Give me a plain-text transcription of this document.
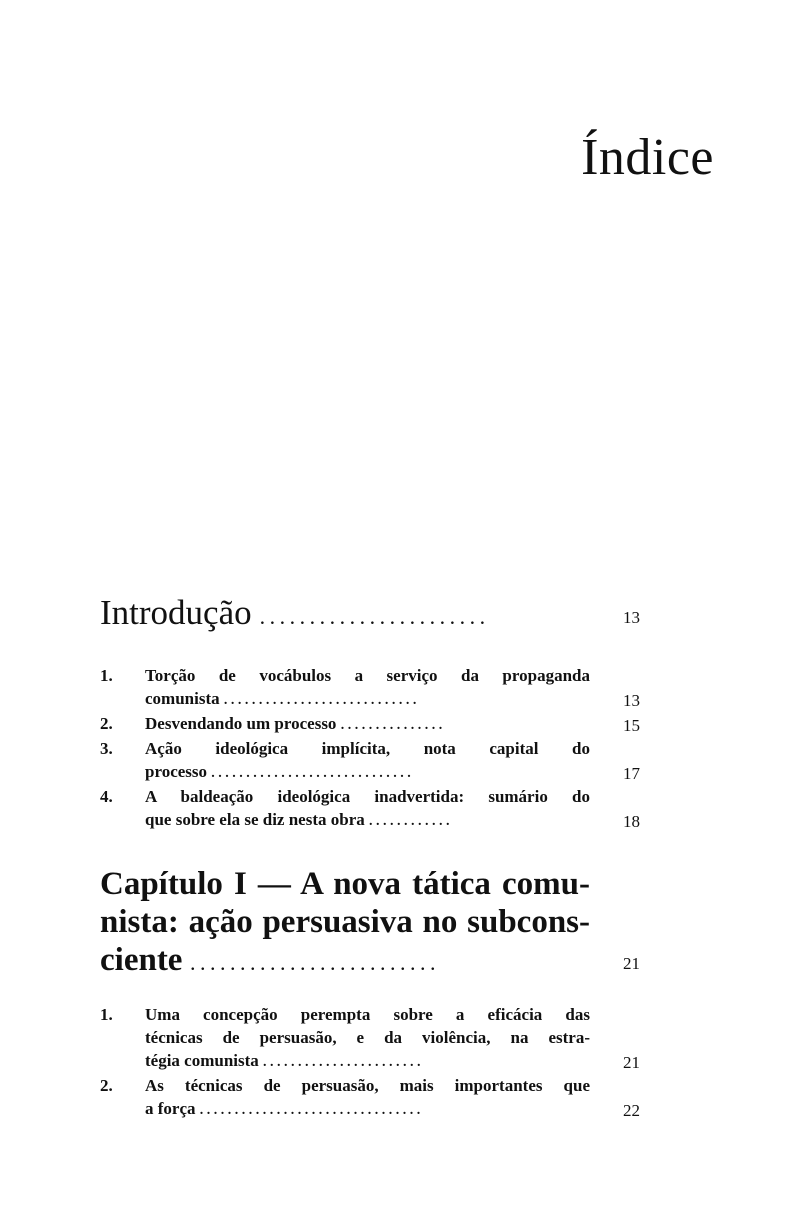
Índice
Introdução . . . . . . . . . . . . . . . . . . . . . . .	13
1.	Torção de vocábulos a serviço da propaganda
comunista . . . . . . . . . . . . . . . . . . . . . . . . . . . .	13
2.	Desvendando um processo . . . . . . . . . . . . . . .	15
3.	Ação ideológica implícita, nota capital do
processo . . . . . . . . . . . . . . . . . . . . . . . . . . . . .	17
4.	A baldeação ideológica inadvertida: sumário do
que sobre ela se diz nesta obra . . . . . . . . . . . .	18
Capítulo I — A nova tática comu-
nista: ação persuasiva no subcons-
ciente . . . . . . . . . . . . . . . . . . . . . . . . .	21
1.	Uma concepção perempta sobre a eficácia das
técnicas de persuasão, e da violência, na estra-
tégia comunista . . . . . . . . . . . . . . . . . . . . . . .	21
2.	As técnicas de persuasão, mais importantes que
a força . . . . . . . . . . . . . . . . . . . . . . . . . . . . . . . .	22
